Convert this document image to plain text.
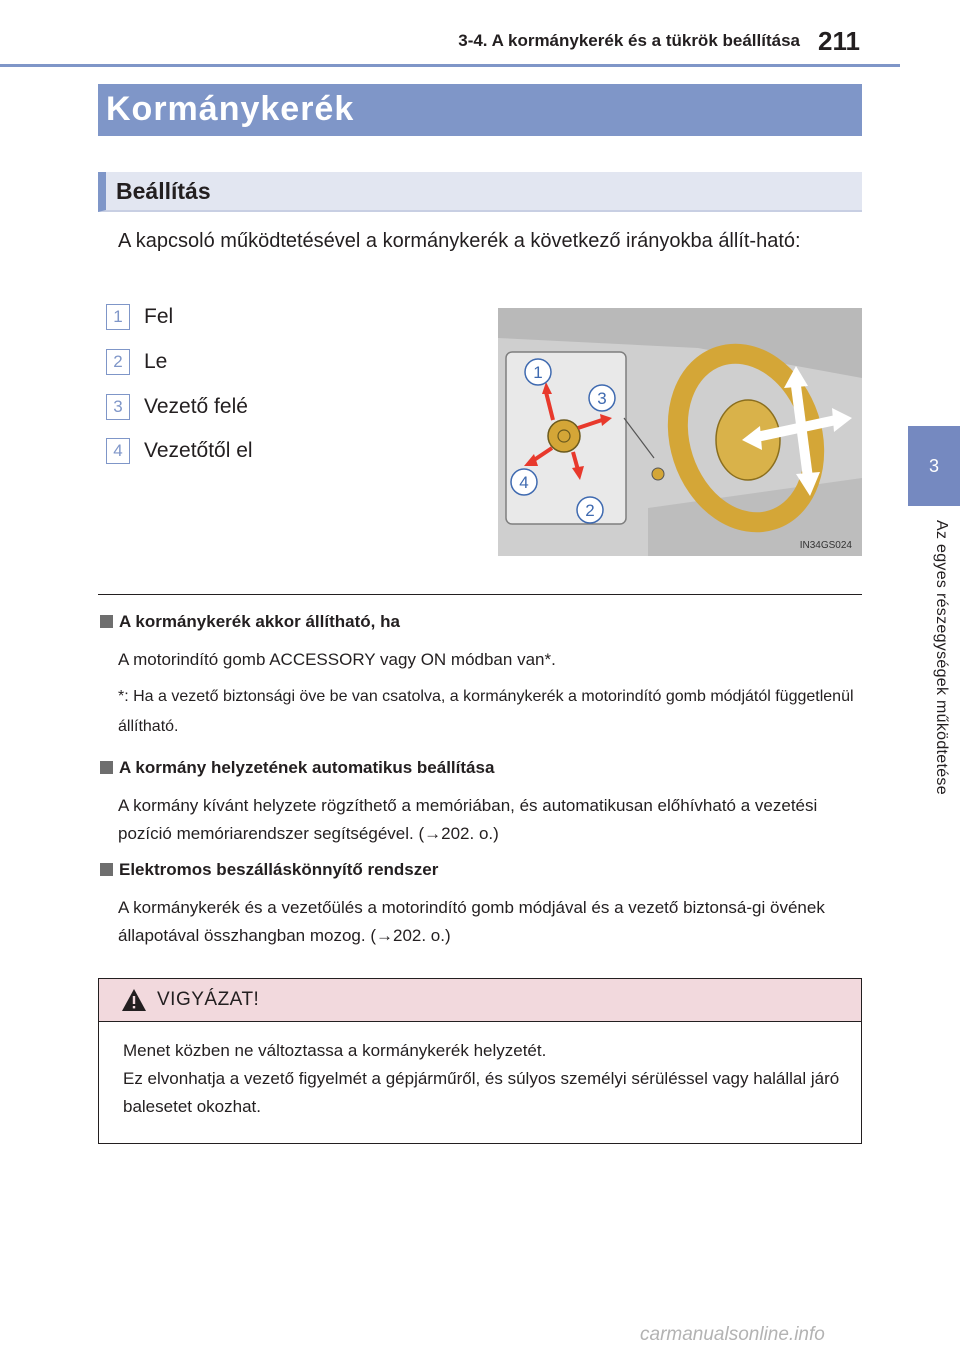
3-4. A kormánykerék és a tükrök beállítása 211
3
Az egyes részegységek működtetése
Kormánykerék
Beállítás
A kapcsoló működtetésével a kormánykerék a következő irányokba állít-ható:
1 Fel
2 Le
3 Vezető felé
4 Vezetőtől el
1
3
4
2
IN34GS024
A kormánykerék akkor állítható, ha
A motorindító gomb ACCESSORY vagy ON módban van*.
*: Ha a vezető biztonsági öve be van csatolva, a kormánykerék a motorindító gomb módjától függetlenül állítható.
A kormány helyzetének automatikus beállítása
A kormány kívánt helyzete rögzíthető a memóriában, és automatikusan előhívható a vezetési pozíció memóriarendszer segítségével. (→202. o.)
Elektromos beszálláskönnyítő rendszer
A kormánykerék és a vezetőülés a motorindító gomb módjával és a vezető biztonsá-gi övének állapotával összhangban mozog. (→202. o.)
VIGYÁZAT!
Menet közben ne változtassa a kormánykerék helyzetét.
Ez elvonhatja a vezető figyelmét a gépjárműről, és súlyos személyi sérüléssel vagy halállal járó balesetet okozhat.
carmanualsonline.info
